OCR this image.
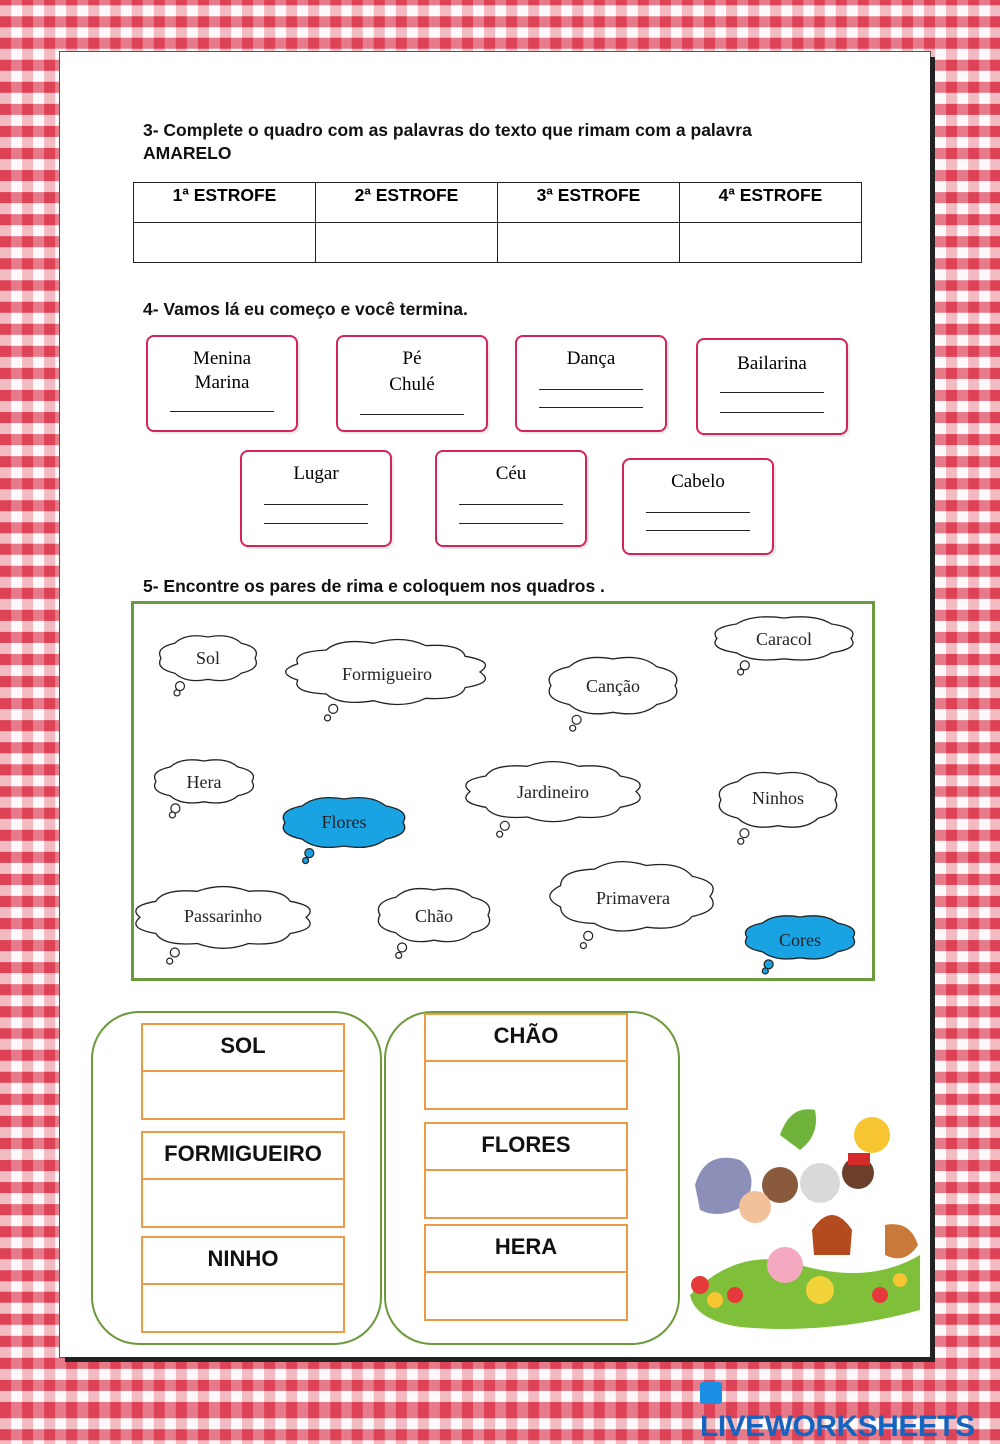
3- Complete o quadro com as palavras do texto que rimam com a palavra
AMARELO
1ª ESTROFE	2ª ESTROFE	3ª ESTROFE	4ª ESTROFE

4- Vamos lá eu começo e você termina.
Menina
Marina
Pé
Chulé
Dança	Bailarina
Lugar	Céu	Cabelo
5- Encontre os pares de rima e coloquem nos quadros .
Sol
Formigueiro
Canção
Caracol
Hera
Flores
Jardineiro	Ninhos
Passarinho	Chão
Primavera
Cores
SOL
FORMIGUEIRO
NINHO
CHÃO
FLORES
HERA
LIVEWORKSHEETS
